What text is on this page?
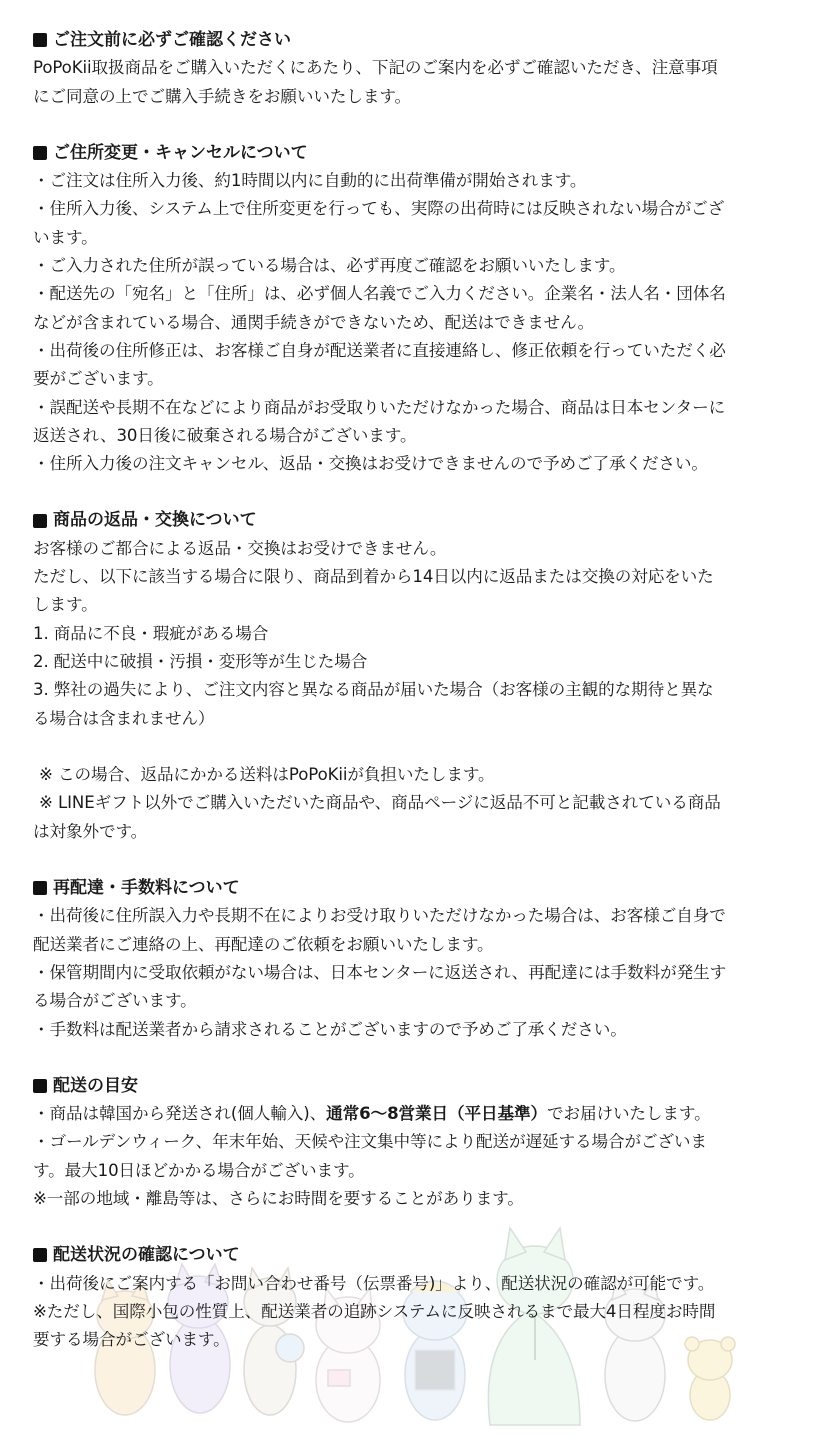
ご注文前に必ずご確認ください
PoPoKii取扱商品をご購入いただくにあたり、下記のご案内を必ずご確認いただき、注意事項
にご同意の上でご購入手続きをお願いいたします。
ご住所変更・キャンセルについて
・ご注文は住所入力後、約1時間以内に自動的に出荷準備が開始されます。
・住所入力後、システム上で住所変更を行っても、実際の出荷時には反映されない場合がござ
います。
・ご入力された住所が誤っている場合は、必ず再度ご確認をお願いいたします。
・配送先の「宛名」と「住所」は、必ず個人名義でご入力ください。企業名・法人名・団体名
などが含まれている場合、通関手続きができないため、配送はできません。
・出荷後の住所修正は、お客様ご自身が配送業者に直接連絡し、修正依頼を行っていただく必
要がございます。
・誤配送や長期不在などにより商品がお受取りいただけなかった場合、商品は日本センターに
返送され、30日後に破棄される場合がございます。
・住所入力後の注文キャンセル、返品・交換はお受けできませんので予めご了承ください。
商品の返品・交換について
お客様のご都合による返品・交換はお受けできません。
ただし、以下に該当する場合に限り、商品到着から14日以内に返品または交換の対応をいた
します。
1. 商品に不良・瑕疵がある場合
2. 配送中に破損・汚損・変形等が生じた場合
3. 弊社の過失により、ご注文内容と異なる商品が届いた場合（お客様の主観的な期待と異な
る場合は含まれません）
※ この場合、返品にかかる送料はPoPoKiiが負担いたします。
※ LINEギフト以外でご購入いただいた商品や、商品ページに返品不可と記載されている商品
は対象外です。
再配達・手数料について
・出荷後に住所誤入力や長期不在によりお受け取りいただけなかった場合は、お客様ご自身で
配送業者にご連絡の上、再配達のご依頼をお願いいたします。
・保管期間内に受取依頼がない場合は、日本センターに返送され、再配達には手数料が発生す
る場合がございます。
・手数料は配送業者から請求されることがございますので予めご了承ください。
配送の目安
・商品は韓国から発送され(個人輸入)、通常6～8営業日（平日基準）でお届けいたします。
・ゴールデンウィーク、年末年始、天候や注文集中等により配送が遅延する場合がございま
す。最大10日ほどかかる場合がございます。
※一部の地域・離島等は、さらにお時間を要することがあります。
配送状況の確認について
・出荷後にご案内する「お問い合わせ番号（伝票番号)」より、配送状況の確認が可能です。
※ただし、国際小包の性質上、配送業者の追跡システムに反映されるまで最大4日程度お時間
要する場合がございます。
